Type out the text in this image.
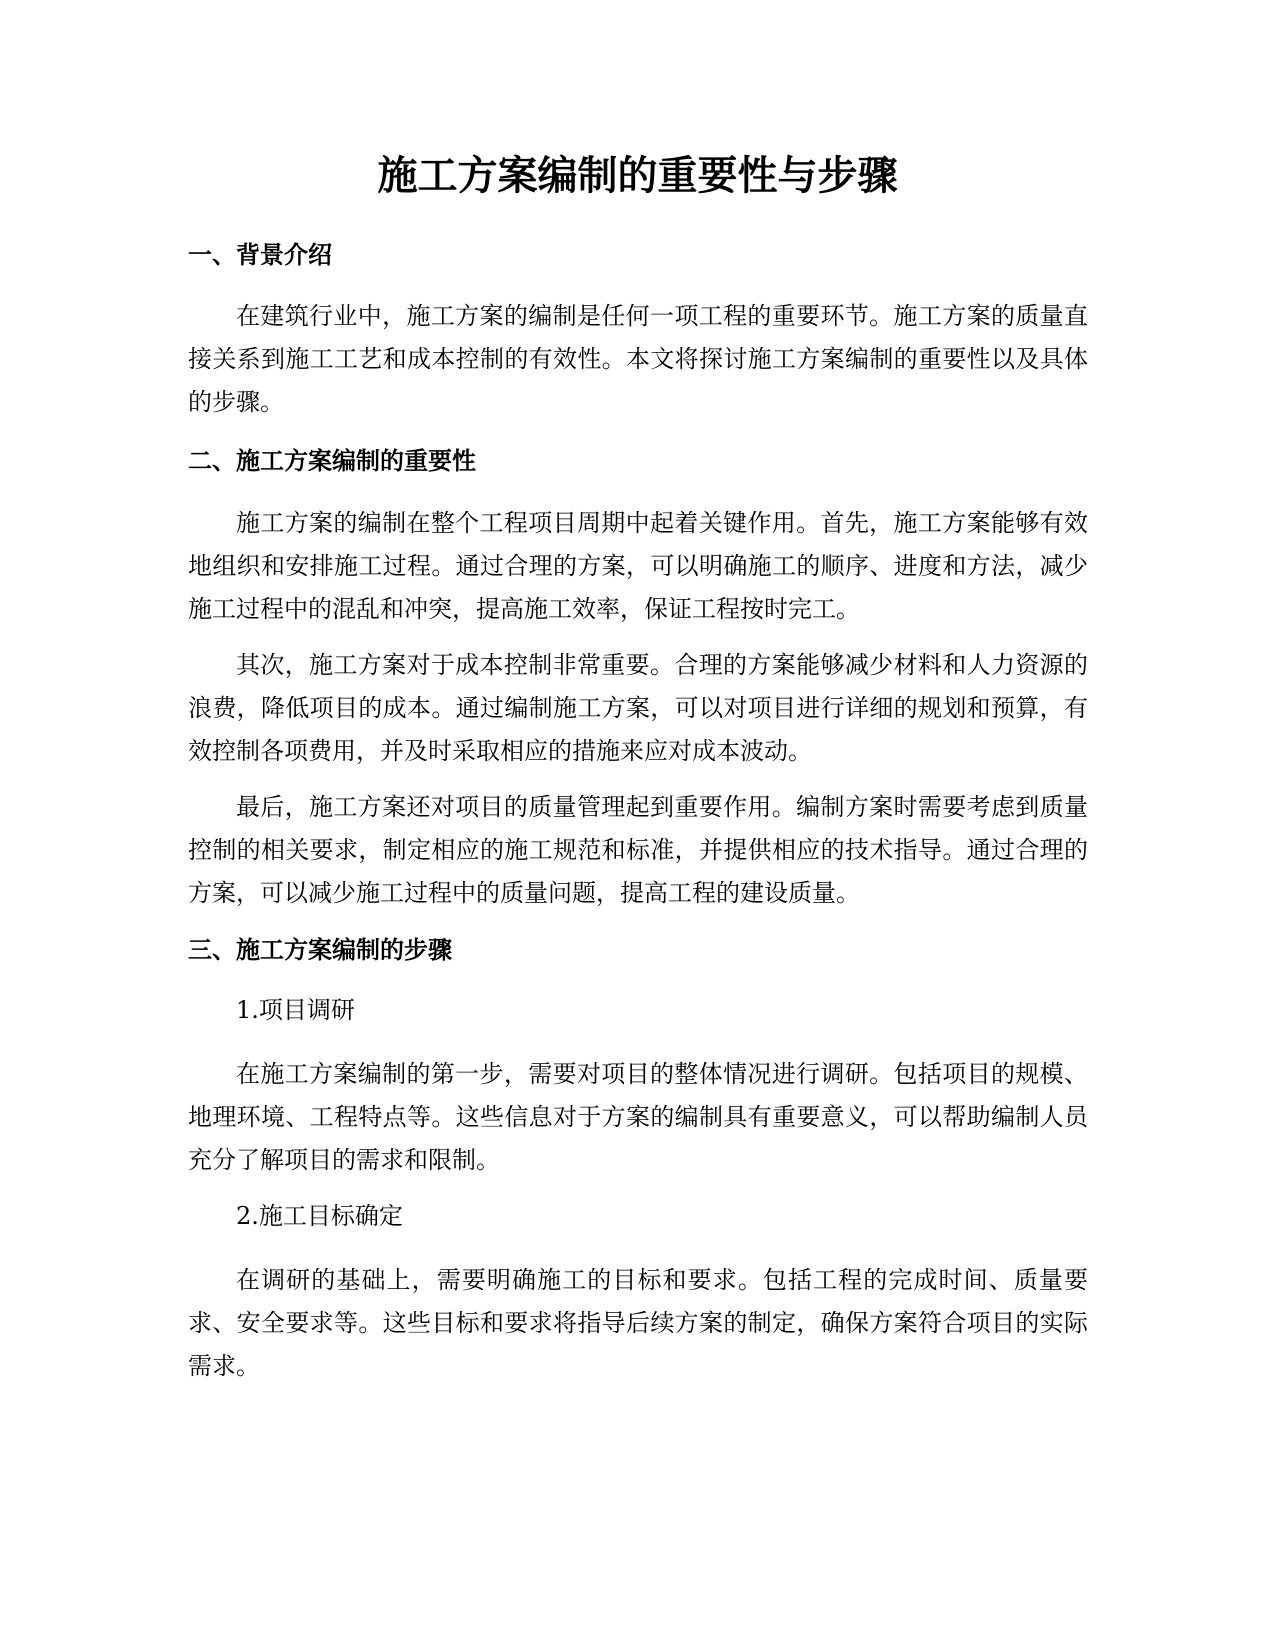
施工方案编制的重要性与步骤
一、背景介绍

在建筑行业中，施工方案的编制是任何一项工程的重要环节。施工方案的质量直接关系到施工工艺和成本控制的有效性。本文将探讨施工方案编制的重要性以及具体的步骤。

二、施工方案编制的重要性

施工方案的编制在整个工程项目周期中起着关键作用。首先，施工方案能够有效地组织和安排施工过程。通过合理的方案，可以明确施工的顺序、进度和方法，减少施工过程中的混乱和冲突，提高施工效率，保证工程按时完工。

其次，施工方案对于成本控制非常重要。合理的方案能够减少材料和人力资源的浪费，降低项目的成本。通过编制施工方案，可以对项目进行详细的规划和预算，有效控制各项费用，并及时采取相应的措施来应对成本波动。

最后，施工方案还对项目的质量管理起到重要作用。编制方案时需要考虑到质量控制的相关要求，制定相应的施工规范和标准，并提供相应的技术指导。通过合理的方案，可以减少施工过程中的质量问题，提高工程的建设质量。

三、施工方案编制的步骤

1.项目调研

在施工方案编制的第一步，需要对项目的整体情况进行调研。包括项目的规模、地理环境、工程特点等。这些信息对于方案的编制具有重要意义，可以帮助编制人员充分了解项目的需求和限制。

2.施工目标确定

在调研的基础上，需要明确施工的目标和要求。包括工程的完成时间、质量要求、安全要求等。这些目标和要求将指导后续方案的制定，确保方案符合项目的实际需求。
